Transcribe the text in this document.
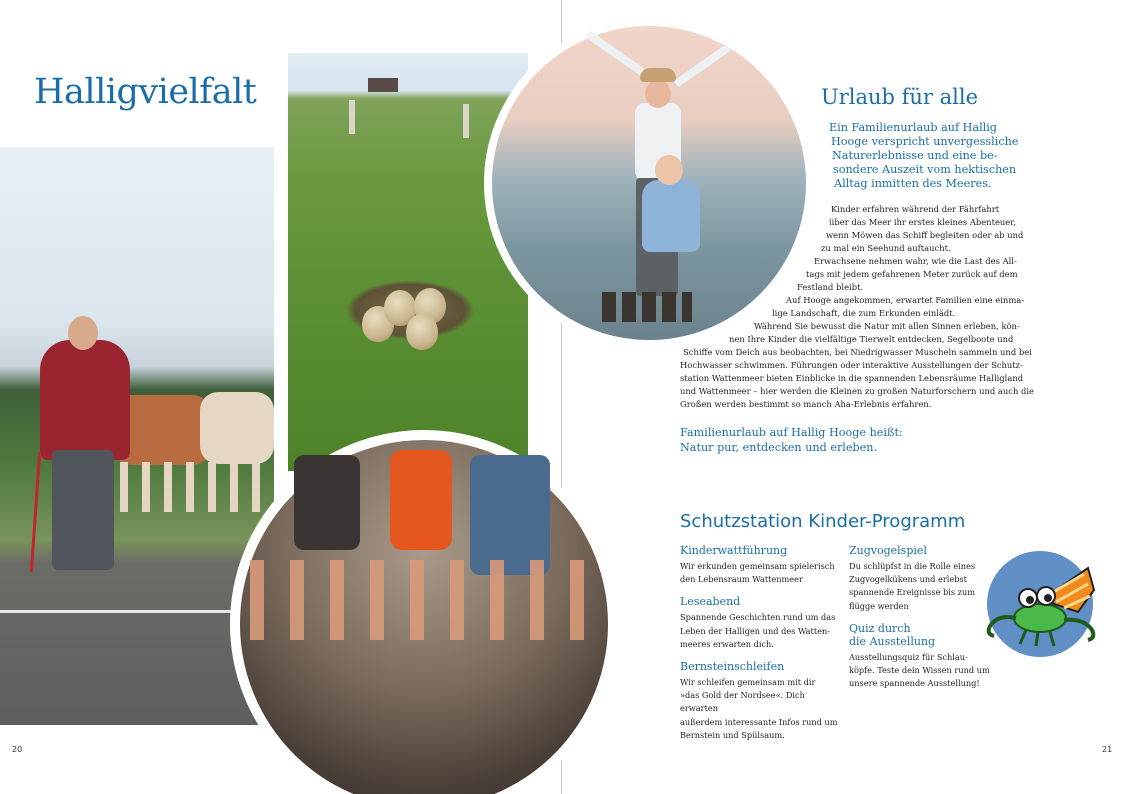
Halligvielfalt
20	21
Urlaub für alle
Ein Familienurlaub auf Hallig
Hooge verspricht unvergessliche
Naturerlebnisse und eine be-
sondere Auszeit vom hektischen
Alltag inmitten des Meeres.
Kinder erfahren während der Fährfahrt
über das Meer ihr erstes kleines Abenteuer,
wenn Möwen das Schiff begleiten oder ab und
zu mal ein Seehund auftaucht.
Erwachsene nehmen wahr, wie die Last des All-
tags mit jedem gefahrenen Meter zurück auf dem
Festland bleibt.
Auf Hooge angekommen, erwartet Familien eine einma-
lige Landschaft, die zum Erkunden einlädt.
Während Sie bewusst die Natur mit allen Sinnen erleben, kön-
nen Ihre Kinder die vielfältige Tierwelt entdecken, Segelboote und
Schiffe vom Deich aus beobachten, bei Niedrigwasser Muscheln sammeln und bei
Hochwasser schwimmen. Führungen oder interaktive Ausstellungen der Schutz-
station Wattenmeer bieten Einblicke in die spannenden Lebensräume Halligland
und Wattenmeer – hier werden die Kleinen zu großen Naturforschern und auch die
Großen werden bestimmt so manch Aha-Erlebnis erfahren.
Familienurlaub auf Hallig Hooge heißt:
Natur pur, entdecken und erleben.
Schutzstation Kinder-Programm
Kinderwattführung
Wir erkunden gemeinsam spielerisch
den Lebensraum Wattenmeer
Leseabend
Spannende Geschichten rund um das
Leben der Halligen und des Watten-
meeres erwarten dich.
Bernsteinschleifen
Wir schleifen gemeinsam mit dir
»das Gold der Nordsee«. Dich erwarten
außerdem interessante Infos rund um
Bernstein und Spülsaum.
Zugvogelspiel
Du schlüpfst in die Rolle eines
Zugvogelkükens und erlebst
spannende Ereignisse bis zum
flügge werden
Quiz durch
die Ausstellung
Ausstellungsquiz für Schlau-
köpfe. Teste dein Wissen rund um
unsere spannende Ausstellung!
